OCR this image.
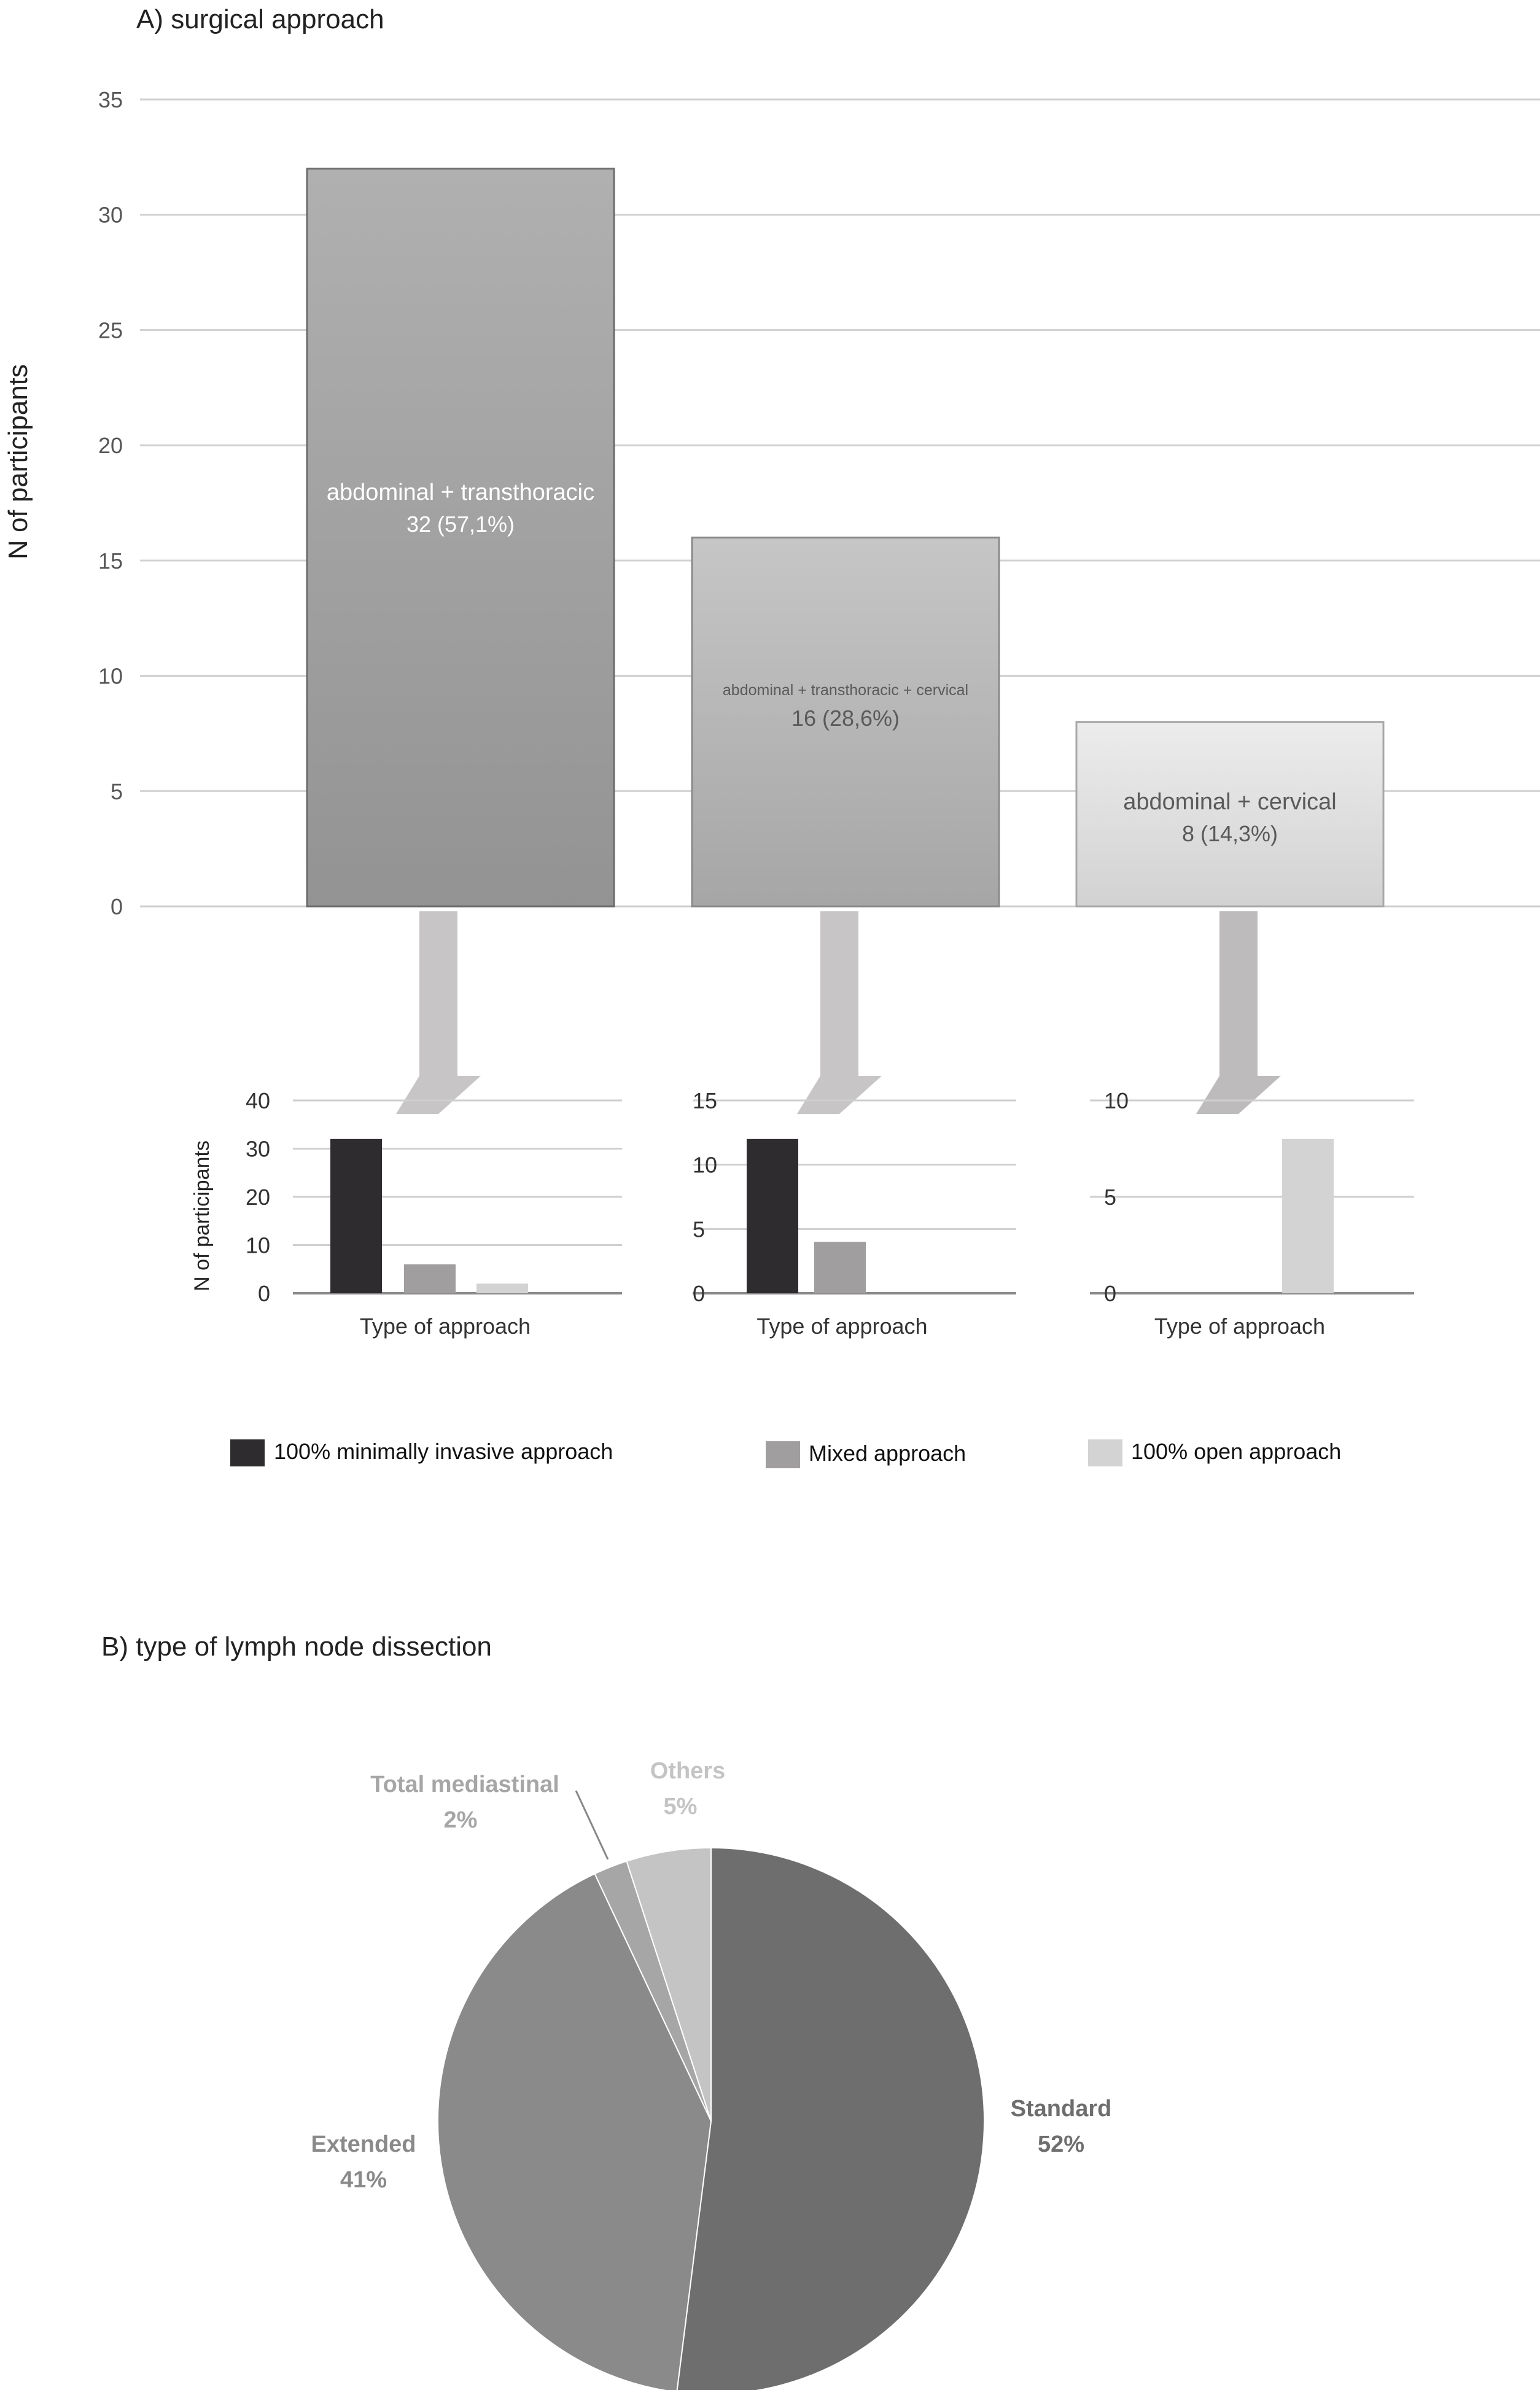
A) surgical approach
N of participants
0
5
10
15
20
25
30
35
abdominal + transthoracic
32 (57,1%)
abdominal + transthoracic + cervical
16 (28,6%)
abdominal + cervical
8 (14,3%)
N of participants
0
10
20
30
40
Type of approach
0
5
10
15
Type of approach
0
5
10
Type of approach
100% minimally invasive approach	Mixed approach	100% open approach
B) type of lymph node dissection
Standard
52%
Extended
41%
Total mediastinal
2%
Others
5%
